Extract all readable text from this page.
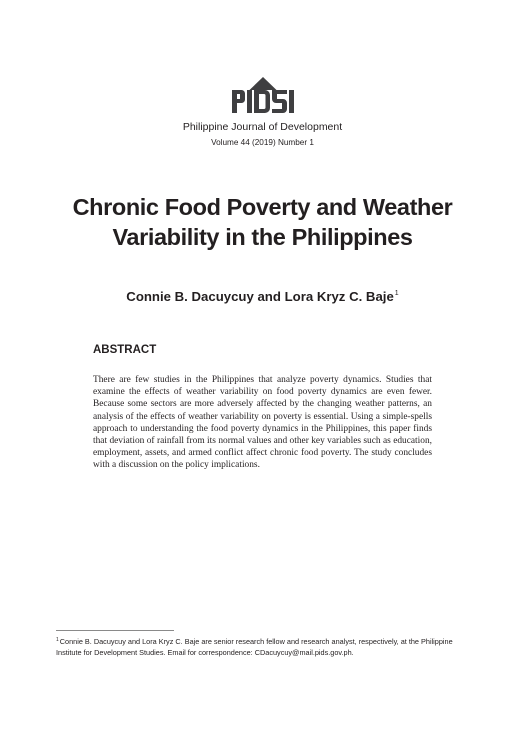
Philippine Journal of Development
Volume 44 (2019) Number 1
Chronic Food Poverty and Weather Variability in the Philippines
Connie B. Dacuycuy and Lora Kryz C. Baje$^1$
ABSTRACT

There are few studies in the Philippines that analyze poverty dynamics. Studies that examine the effects of weather variability on food poverty dynamics are even fewer. Because some sectors are more adversely affected by the changing weather patterns, an analysis of the effects of weather variability on poverty is essential. Using a simple-spells approach to understanding the food poverty dynamics in the Philippines, this paper finds that deviation of rainfall from its normal values and other key variables such as education, employment, assets, and armed conflict affect chronic food poverty. The study concludes with a discussion on the policy implications.

$^1$Connie B. Dacuycuy and Lora Kryz C. Baje are senior research fellow and research analyst, respectively, at the Philippine Institute for Development Studies. Email for correspondence: CDacuycuy@mail.pids.gov.ph.
